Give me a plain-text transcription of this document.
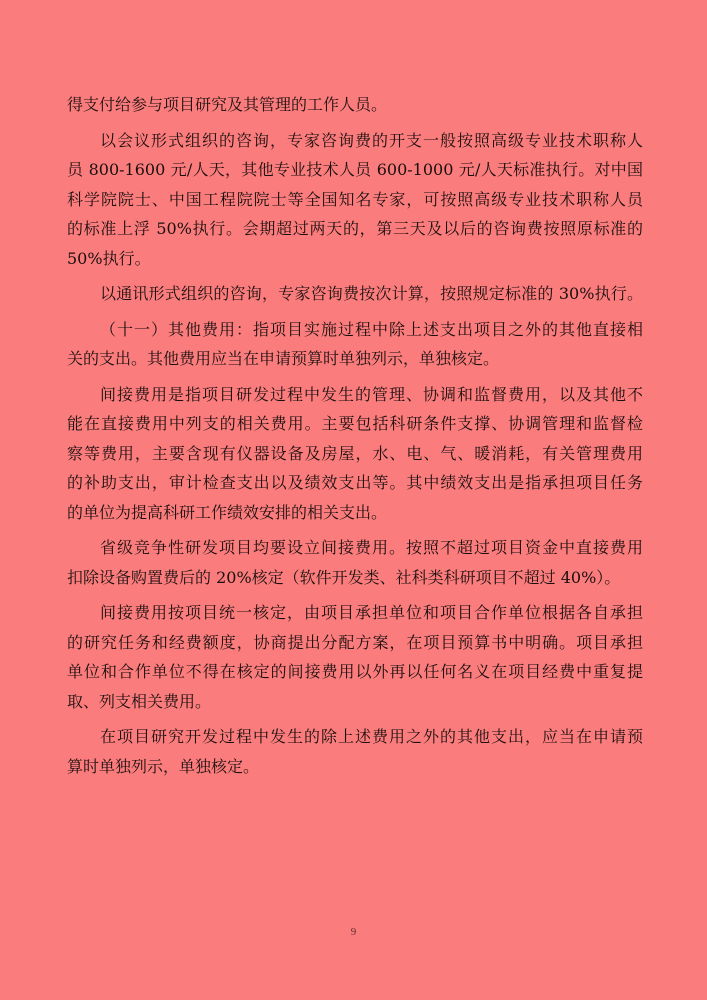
得支付给参与项目研究及其管理的工作人员。
以会议形式组织的咨询，专家咨询费的开支一般按照高级专业技术职称人
员 800-1600 元/人天，其他专业技术人员 600-1000 元/人天标准执行。对中国
科学院院士、中国工程院院士等全国知名专家，可按照高级专业技术职称人员
的标准上浮 50%执行。会期超过两天的，第三天及以后的咨询费按照原标准的
50%执行。
以通讯形式组织的咨询，专家咨询费按次计算，按照规定标准的 30%执行。
（十一）其他费用：指项目实施过程中除上述支出项目之外的其他直接相
关的支出。其他费用应当在申请预算时单独列示，单独核定。
间接费用是指项目研发过程中发生的管理、协调和监督费用，以及其他不
能在直接费用中列支的相关费用。主要包括科研条件支撑、协调管理和监督检
察等费用，主要含现有仪器设备及房屋，水、电、气、暖消耗，有关管理费用
的补助支出，审计检查支出以及绩效支出等。其中绩效支出是指承担项目任务
的单位为提高科研工作绩效安排的相关支出。
省级竞争性研发项目均要设立间接费用。按照不超过项目资金中直接费用
扣除设备购置费后的 20%核定（软件开发类、社科类科研项目不超过 40%）。
间接费用按项目统一核定，由项目承担单位和项目合作单位根据各自承担
的研究任务和经费额度，协商提出分配方案，在项目预算书中明确。项目承担
单位和合作单位不得在核定的间接费用以外再以任何名义在项目经费中重复提
取、列支相关费用。
在项目研究开发过程中发生的除上述费用之外的其他支出，应当在申请预
算时单独列示，单独核定。
9
